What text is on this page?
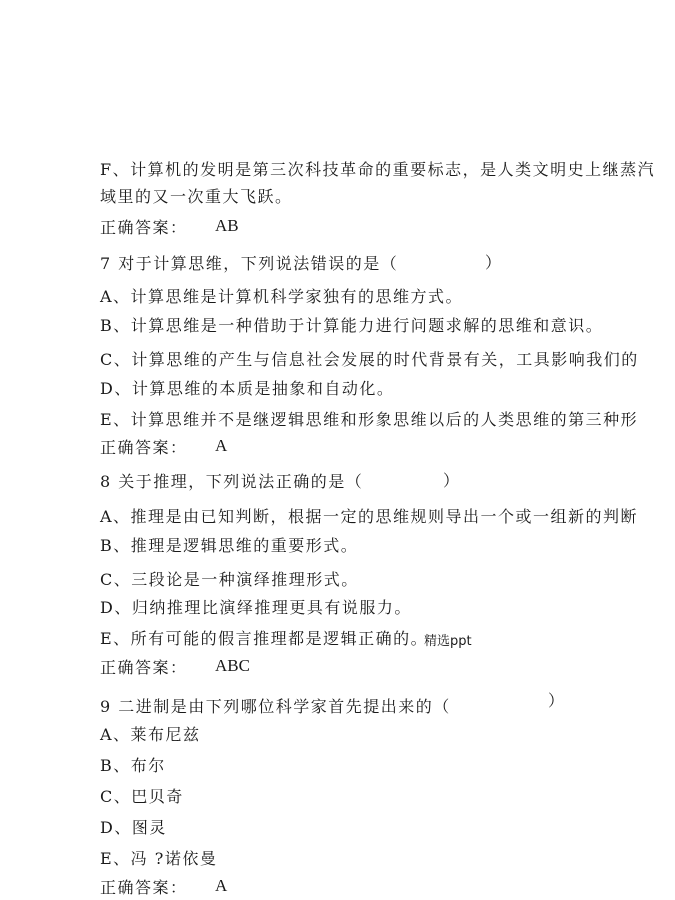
F、计算机的发明是第三次科技革命的重要标志，是人类文明史上继蒸汽
域里的又一次重大飞跃。
正确答案： AB
7 对于计算思维，下列说法错误的是（	）
A、计算思维是计算机科学家独有的思维方式。
B、计算思维是一种借助于计算能力进行问题求解的思维和意识。
C、计算思维的产生与信息社会发展的时代背景有关，工具影响我们的
D、计算思维的本质是抽象和自动化。
E、计算思维并不是继逻辑思维和形象思维以后的人类思维的第三种形
正确答案： A
8 关于推理，下列说法正确的是（	）
A、推理是由已知判断，根据一定的思维规则导出一个或一组新的判断
B、推理是逻辑思维的重要形式。
C、三段论是一种演绎推理形式。
D、归纳推理比演绎推理更具有说服力。
E、所有可能的假言推理都是逻辑正确的。
精选ppt
正确答案： ABC
9 二进制是由下列哪位科学家首先提出来的（	）
A、莱布尼兹
B、布尔
C、巴贝奇
D、图灵
E、冯 ?诺依曼
正确答案： A
